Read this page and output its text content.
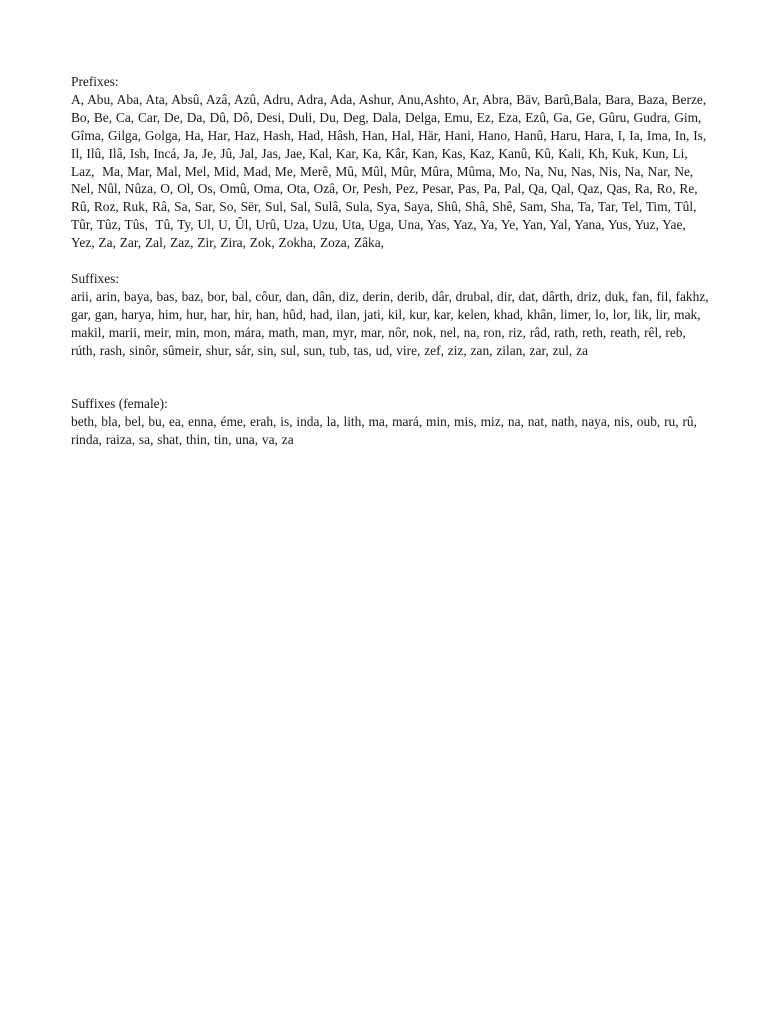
Prefixes:

A, Abu, Aba, Ata, Absû, Azâ, Azû, Adru, Adra, Ada, Ashur, Anu,Ashto, Ar, Abra, Bäv, Barû,Bala, Bara, Baza, Berze, Bo, Be, Ca, Car, De, Da, Dû, Dô, Desi, Duli, Du, Deg, Dala, Delga, Emu, Ez, Eza, Ezû, Ga, Ge, Gûru, Gudra, Gim, Gîma, Gilga, Golga, Ha, Har, Haz, Hash, Had, Hâsh, Han, Hal, Här, Hani, Hano, Hanû, Haru, Hara, I, Ia, Ima, In, Is, Il, Ilû, Ilâ, Ish, Incá, Ja, Je, Jû, Jal, Jas, Jae, Kal, Kar, Ka, Kâr, Kan, Kas, Kaz, Kanû, Kû, Kali, Kh, Kuk, Kun, Li, Laz,  Ma, Mar, Mal, Mel, Mid, Mad, Me, Merê, Mû, Mûl, Mûr, Mûra, Mûma, Mo, Na, Nu, Nas, Nis, Na, Nar, Ne, Nel, Nûl, Nûza, O, Ol, Os, Omû, Oma, Ota, Ozâ, Or, Pesh, Pez, Pesar, Pas, Pa, Pal, Qa, Qal, Qaz, Qas, Ra, Ro, Re, Rû, Roz, Ruk, Râ, Sa, Sar, So, Sër, Sul, Sal, Sulâ, Sula, Sya, Saya, Shû, Shâ, Shê, Sam, Sha, Ta, Tar, Tel, Tim, Tûl, Tûr, Tûz, Tûs,  Tû, Ty, Ul, U, Ûl, Urû, Uza, Uzu, Uta, Uga, Una, Yas, Yaz, Ya, Ye, Yan, Yal, Yana, Yus, Yuz, Yae, Yez, Za, Zar, Zal, Zaz, Zir, Zira, Zok, Zokha, Zoza, Zâka,

Suffixes:

arii, arin, baya, bas, baz, bor, bal, côur, dan, dân, diz, derin, derib, dâr, drubal, dir, dat, dârth, driz, duk, fan, fil, fakhz, gar, gan, harya, him, hur, har, hir, han, hûd, had, ilan, jati, kil, kur, kar, kelen, khad, khân, limer, lo, lor, lik, lir, mak, makil, marii, meir, min, mon, mára, math, man, myr, mar, nôr, nok, nel, na, ron, riz, râd, rath, reth, reath, rêl, reb, rúth, rash, sinôr, sûmeir, shur, sár, sin, sul, sun, tub, tas, ud, vire, zef, ziz, zan, zilan, zar, zul, za

Suffixes (female):

beth, bla, bel, bu, ea, enna, éme, erah, is, inda, la, lith, ma, mará, min, mis, miz, na, nat, nath, naya, nis, oub, ru, rû, rinda, raiza, sa, shat, thin, tin, una, va, za
